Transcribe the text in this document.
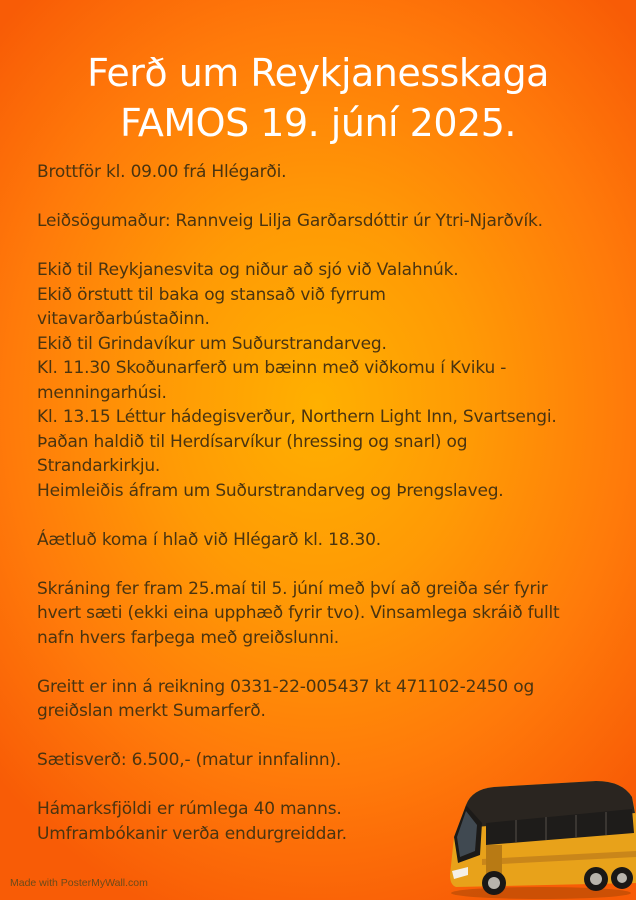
Ferð um Reykjanesskaga
FAMOS 19. júní 2025.
Brottför kl. 09.00 frá Hlégarði.
Leiðsögumaður: Rannveig Lilja Garðarsdóttir úr Ytri-Njarðvík.
Ekið til Reykjanesvita og niður að sjó við Valahnúk.
Ekið örstutt til baka og stansað við fyrrum
vitavarðarbústaðinn.
Ekið til Grindavíkur um Suðurstrandarveg.
Kl. 11.30 Skoðunarferð um bæinn með viðkomu í Kviku -
menningarhúsi.
Kl. 13.15 Léttur hádegisverður, Northern Light Inn, Svartsengi.
Þaðan haldið til Herdísarvíkur (hressing og snarl) og
Strandarkirkju.
Heimleiðis áfram um Suðurstrandarveg og Þrengslaveg.
Áætluð koma í hlað við Hlégarð kl. 18.30.
Skráning fer fram 25.maí til 5. júní með því að greiða sér fyrir
hvert sæti (ekki eina upphæð fyrir tvo). Vinsamlega skráið fullt
nafn hvers farþega með greiðslunni.
Greitt er inn á reikning 0331-22-005437 kt 471102-2450 og
greiðslan merkt Sumarferð.
Sætisverð: 6.500,- (matur innfalinn).
Hámarksfjöldi er rúmlega 40 manns.
Umframbókanir verða endurgreiddar.
Made with PosterMyWall.com
